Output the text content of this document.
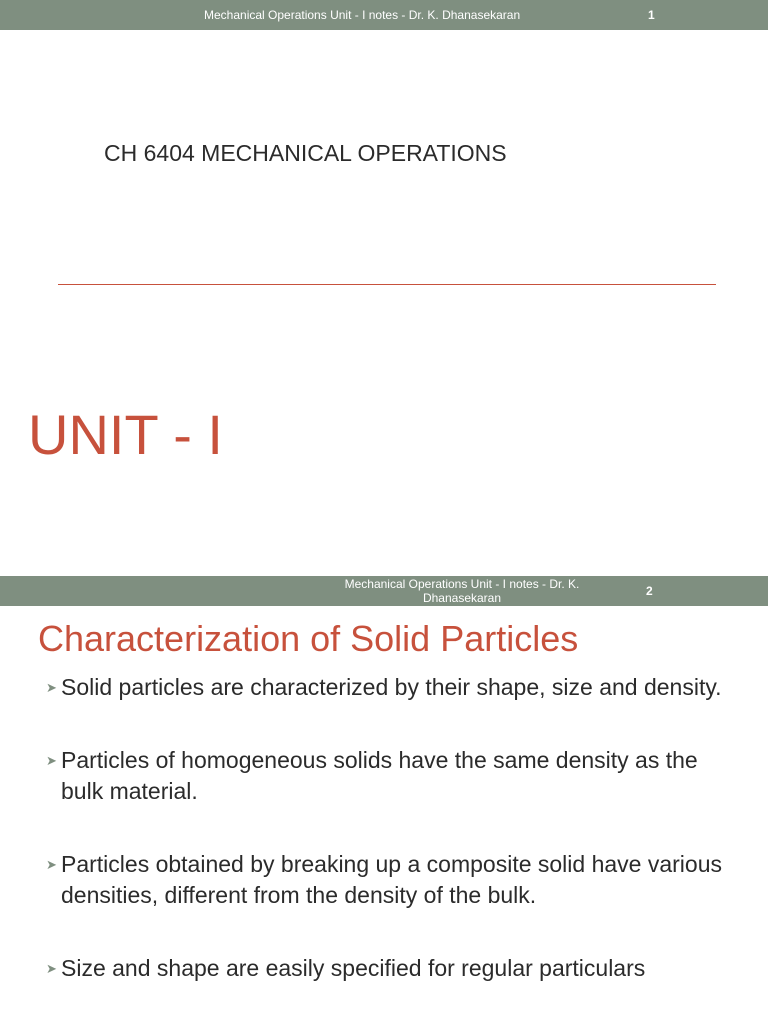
Mechanical Operations Unit - I notes - Dr. K. Dhanasekaran	1
CH 6404 MECHANICAL OPERATIONS
UNIT - I
Mechanical Operations Unit - I notes - Dr. K. Dhanasekaran	2
Characterization of Solid Particles
➤ Solid particles are characterized by their shape, size and density.
➤ Particles of homogeneous solids have the same density as the bulk material.
➤ Particles obtained by breaking up a composite solid have various densities, different from the density of the bulk.
➤ Size and shape are easily specified for regular particulars
